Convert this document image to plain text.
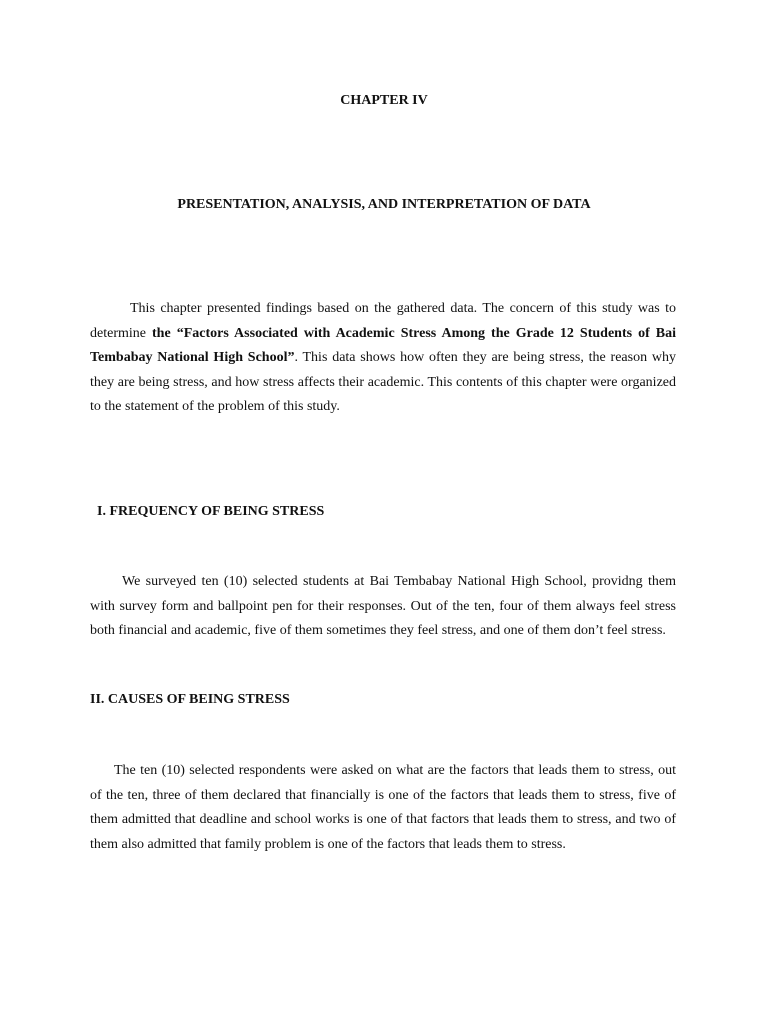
CHAPTER IV
PRESENTATION, ANALYSIS, AND INTERPRETATION OF DATA

This chapter presented findings based on the gathered data. The concern of this study was to determine the “Factors Associated with Academic Stress Among the Grade 12 Students of Bai Tembabay National High School”. This data shows how often they are being stress, the reason why they are being stress, and how stress affects their academic. This contents of this chapter were organized to the statement of the problem of this study.

I. FREQUENCY OF BEING STRESS

We surveyed ten (10) selected students at Bai Tembabay National High School, providng them with survey form and ballpoint pen for their responses. Out of the ten, four of them always feel stress both financial and academic, five of them sometimes they feel stress, and one of them don’t feel stress.

II. CAUSES OF BEING STRESS

The ten (10) selected respondents were asked on what are the factors that leads them to stress, out of the ten, three of them declared that financially is one of the factors that leads them to stress, five of them admitted that deadline and school works is one of that factors that leads them to stress, and two of them also admitted that family problem is one of the factors that leads them to stress.
